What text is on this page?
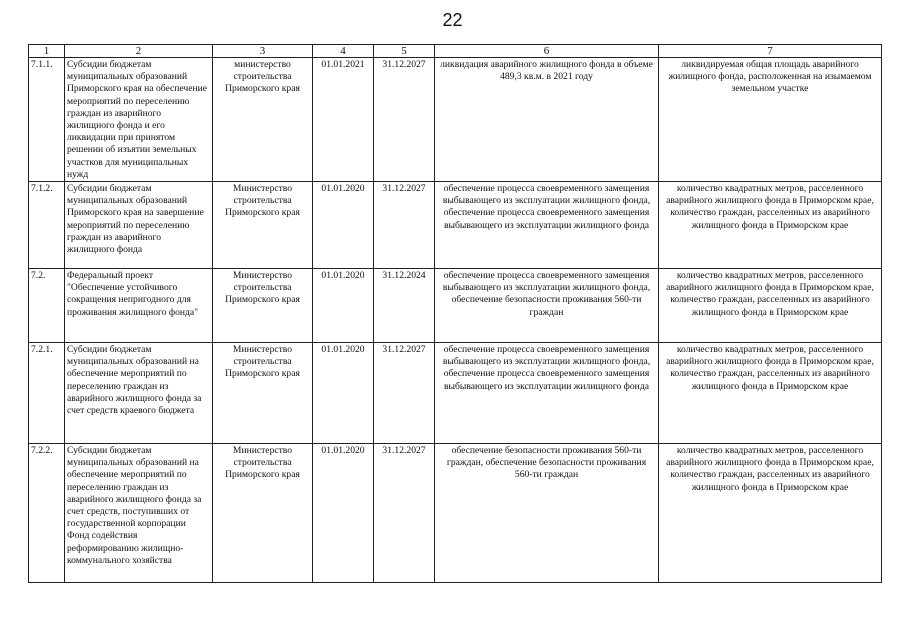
22
1	2	3	4	5	6	7
7.1.1.	Субсидии бюджетам муниципальных образований Приморского края на обеспечение мероприятий по переселению граждан из аварийного жилищного фонда и его ликвидации при принятом решении об изъятии земельных участков для муниципальных нужд	министерство строительства Приморского края	01.01.2021	31.12.2027	ликвидация аварийного жилищного фонда в объеме 489,3 кв.м. в 2021 году	ликвидируемая общая площадь аварийного жилищного фонда, расположенная на изымаемом земельном участке
7.1.2.	Субсидии бюджетам муниципальных образований Приморского края на завершение мероприятий по переселению граждан из аварийного жилищного фонда	Министерство строительства Приморского края	01.01.2020	31.12.2027	обеспечение процесса своевременного замещения выбывающего из эксплуатации жилищного фонда, обеспечение процесса своевременного замещения выбывающего из эксплуатации жилищного фонда	количество квадратных метров, расселенного аварийного жилищного фонда в Приморском крае, количество граждан, расселенных из аварийного жилищного фонда в Приморском крае
7.2.	Федеральный проект "Обеспечение устойчивого сокращения непригодного для проживания жилищного фонда"	Министерство строительства Приморского края	01.01.2020	31.12.2024	обеспечение процесса своевременного замещения выбывающего из эксплуатации жилищного фонда, обеспечение безопасности проживания 560-ти граждан	количество квадратных метров, расселенного аварийного жилищного фонда в Приморском крае, количество граждан, расселенных из аварийного жилищного фонда в Приморском крае
7.2.1.	Субсидии бюджетам муниципальных образований на обеспечение мероприятий по переселению граждан из аварийного жилищного фонда за счет средств краевого бюджета	Министерство строительства Приморского края	01.01.2020	31.12.2027	обеспечение процесса своевременного замещения выбывающего из эксплуатации жилищного фонда, обеспечение процесса своевременного замещения выбывающего из эксплуатации жилищного фонда	количество квадратных метров, расселенного аварийного жилищного фонда в Приморском крае, количество граждан, расселенных из аварийного жилищного фонда в Приморском крае
7.2.2.	Субсидии бюджетам муниципальных образований на обеспечение мероприятий по переселению граждан из аварийного жилищного фонда за счет средств, поступивших от государственной корпорации Фонд содействия реформированию жилищно-коммунального хозяйства	Министерство строительства Приморского края	01.01.2020	31.12.2027	обеспечение безопасности проживания 560-ти граждан, обеспечение безопасности проживания 560-ти граждан	количество квадратных метров, расселенного аварийного жилищного фонда в Приморском крае, количество граждан, расселенных из аварийного жилищного фонда в Приморском крае
